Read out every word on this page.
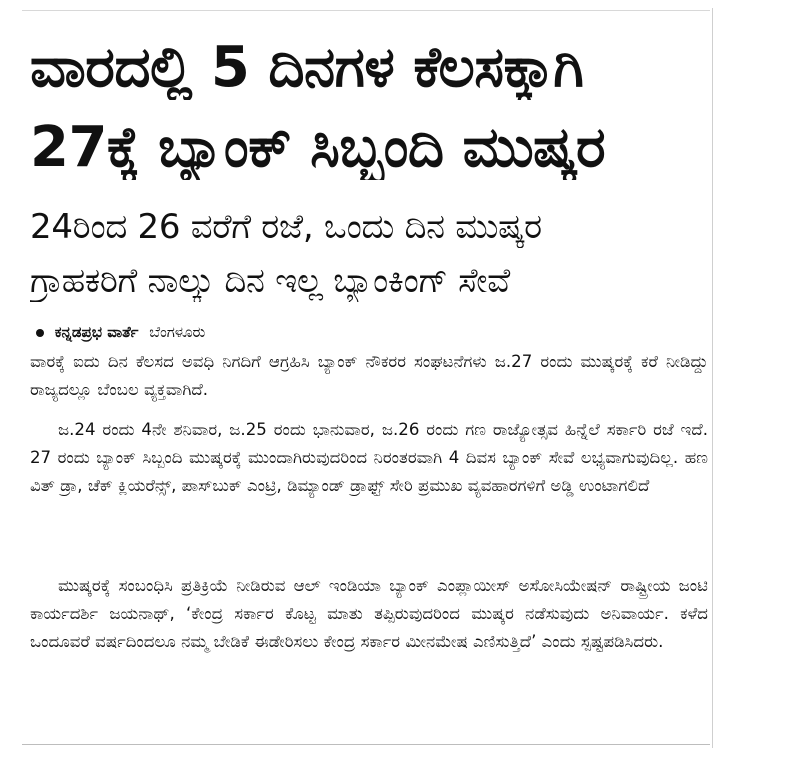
ವಾರದಲ್ಲಿ 5 ದಿನಗಳ ಕೆಲಸಕ್ಕಾಗಿ
27ಕ್ಕೆ ಬ್ಯಾಂಕ್ ಸಿಬ್ಬಂದಿ ಮುಷ್ಕರ
24ರಿಂದ 26 ವರೆಗೆ ರಜೆ, ಒಂದು ದಿನ ಮುಷ್ಕರ
ಗ್ರಾಹಕರಿಗೆ ನಾಲ್ಕು ದಿನ ಇಲ್ಲ ಬ್ಯಾಂಕಿಂಗ್ ಸೇವೆ
ಕನ್ನಡಪ್ರಭ ವಾರ್ತೆ ಬೆಂಗಳೂರು
ವಾರಕ್ಕೆ ಐದು ದಿನ ಕೆಲಸದ ಅವಧಿ ನಿಗದಿಗೆ ಆಗ್ರಹಿಸಿ ಬ್ಯಾಂಕ್ ನೌಕರರ ಸಂಘಟನೆಗಳು ಜ.27 ರಂದು ಮುಷ್ಕರಕ್ಕೆ ಕರೆ ನೀಡಿದ್ದು ರಾಜ್ಯದಲ್ಲೂ ಬೆಂಬಲ ವ್ಯಕ್ತವಾಗಿದೆ.
ಜ.24 ರಂದು 4ನೇ ಶನಿವಾರ, ಜ.25 ರಂದು ಭಾನುವಾರ, ಜ.26 ರಂದು ಗಣ ರಾಜ್ಯೋತ್ಸವ ಹಿನ್ನೆಲೆ ಸರ್ಕಾರಿ ರಜೆ ಇದೆ. 27 ರಂದು ಬ್ಯಾಂಕ್ ಸಿಬ್ಬಂದಿ ಮುಷ್ಕರಕ್ಕೆ ಮುಂದಾಗಿರುವುದರಿಂದ ನಿರಂತರವಾಗಿ 4 ದಿವಸ ಬ್ಯಾಂಕ್ ಸೇವೆ ಲಭ್ಯವಾಗುವುದಿಲ್ಲ. ಹಣ ವಿತ್ ಡ್ರಾ, ಚೆಕ್ ಕ್ಲಿಯರೆನ್ಸ್, ಪಾಸ್‌ಬುಕ್ ಎಂಟ್ರಿ, ಡಿಮ್ಯಾಂಡ್ ಡ್ರಾಫ್ಟ್ ಸೇರಿ ಪ್ರಮುಖ ವ್ಯವಹಾರಗಳಿಗೆ ಅಡ್ಡಿ ಉಂಟಾಗಲಿದೆ
ಮುಷ್ಕರಕ್ಕೆ ಸಂಬಂಧಿಸಿ ಪ್ರತಿಕ್ರಿಯೆ ನೀಡಿರುವ ಆಲ್ ಇಂಡಿಯಾ ಬ್ಯಾಂಕ್ ಎಂಪ್ಲಾಯೀಸ್ ಅಸೋಸಿಯೇಷನ್ ರಾಷ್ಟ್ರೀಯ ಜಂಟಿ ಕಾರ್ಯದರ್ಶಿ ಜಯನಾಥ್, ‘ಕೇಂದ್ರ ಸರ್ಕಾರ ಕೊಟ್ಟ ಮಾತು ತಪ್ಪಿರುವುದರಿಂದ ಮುಷ್ಕರ ನಡೆಸುವುದು ಅನಿವಾರ್ಯ. ಕಳೆದ ಒಂದೂವರೆ ವರ್ಷದಿಂದಲೂ ನಮ್ಮ ಬೇಡಿಕೆ ಈಡೇರಿಸಲು ಕೇಂದ್ರ ಸರ್ಕಾರ ಮೀನಮೇಷ ಎಣಿಸುತ್ತಿದೆ’ ಎಂದು ಸ್ಪಷ್ಟಪಡಿಸಿದರು.
